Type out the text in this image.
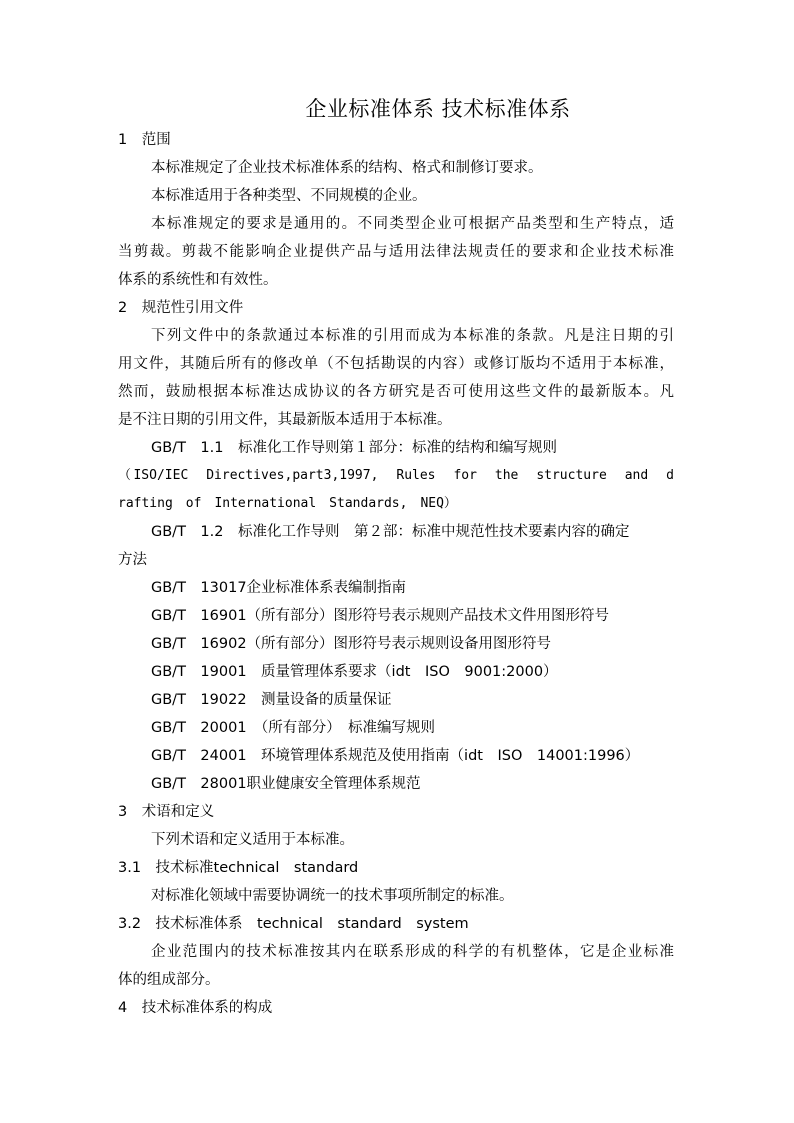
企业标准体系 技术标准体系
1　范围
本标准规定了企业技术标准体系的结构、格式和制修订要求。
本标准适用于各种类型、不同规模的企业。
本标准规定的要求是通用的。不同类型企业可根据产品类型和生产特点，适
当剪裁。剪裁不能影响企业提供产品与适用法律法规责任的要求和企业技术标准
体系的系统性和有效性。
2　规范性引用文件
下列文件中的条款通过本标准的引用而成为本标准的条款。凡是注日期的引
用文件，其随后所有的修改单（不包括勘误的内容）或修订版均不适用于本标准，
然而，鼓励根据本标准达成协议的各方研究是否可使用这些文件的最新版本。凡
是不注日期的引用文件，其最新版本适用于本标准。
GB/T　1.1　标准化工作导则第１部分：标准的结构和编写规则
（ISO/IEC　Directives,part3,1997,　Rules　for　the　structure　and　d
rafting　of　International　Standards,　NEQ）
GB/T　1.2　标准化工作导则　第２部：标准中规范性技术要素内容的确定
方法
GB/T　13017企业标准体系表编制指南
GB/T　16901（所有部分）图形符号表示规则产品技术文件用图形符号
GB/T　16902（所有部分）图形符号表示规则设备用图形符号
GB/T　19001　质量管理体系要求（idt　ISO　9001:2000）
GB/T　19022　测量设备的质量保证
GB/T　20001　（所有部分）　标准编写规则
GB/T　24001　环境管理体系规范及使用指南（idt　ISO　14001:1996）
GB/T　28001职业健康安全管理体系规范
3　术语和定义
下列术语和定义适用于本标准。
3.1　技术标准technical　standard
对标准化领域中需要协调统一的技术事项所制定的标准。
3.2　技术标准体系　technical　standard　system
企业范围内的技术标准按其内在联系形成的科学的有机整体，它是企业标准
体的组成部分。
4　技术标准体系的构成
